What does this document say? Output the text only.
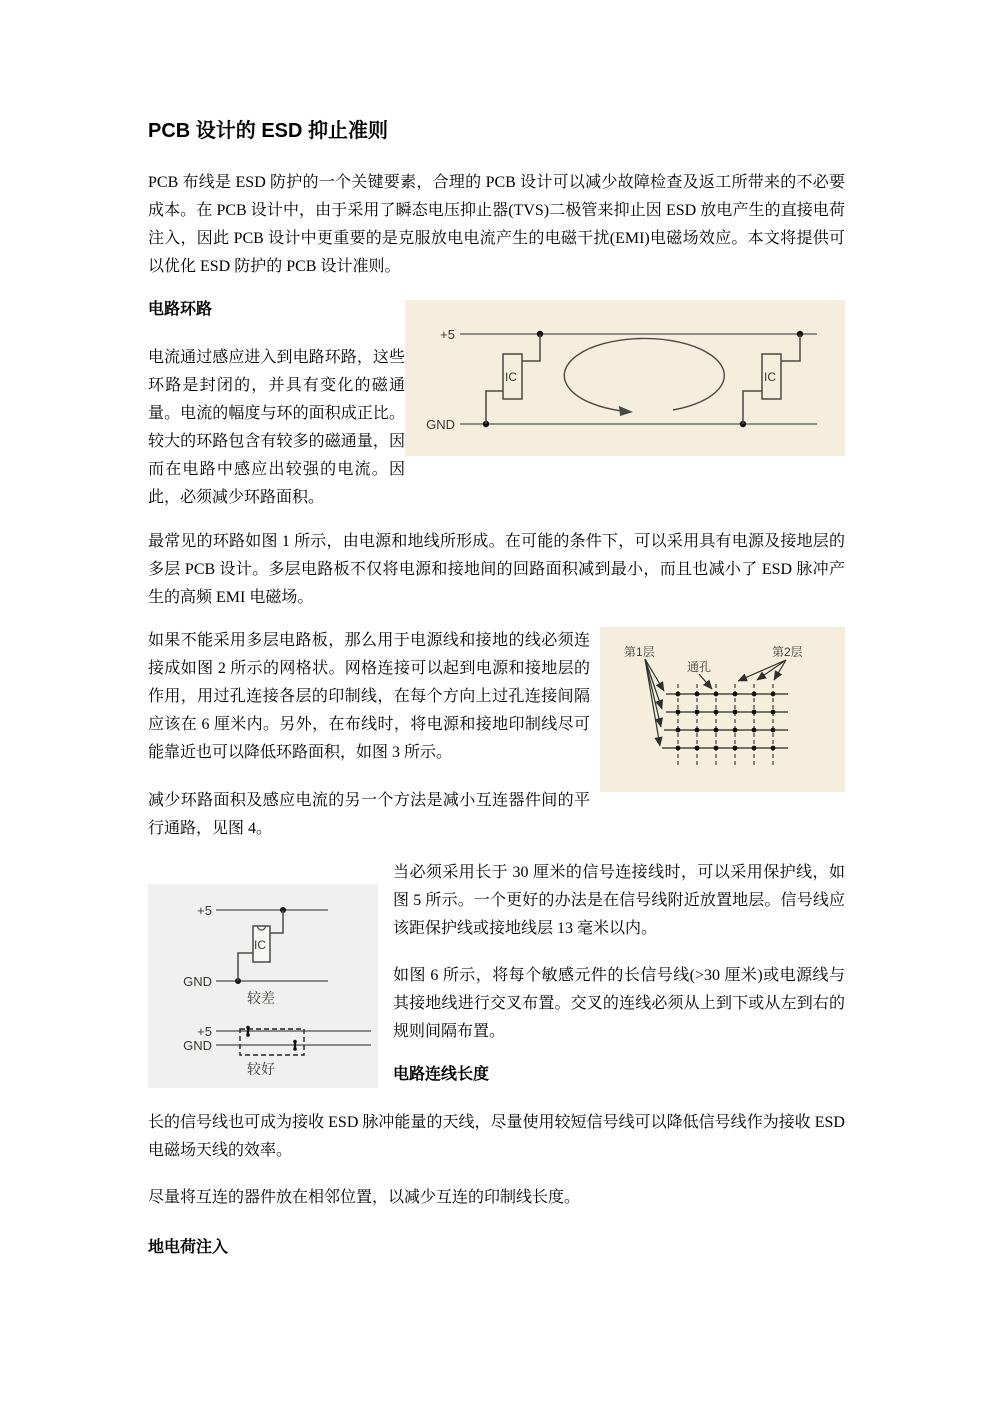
PCB 设计的 ESD 抑止准则

PCB 布线是 ESD 防护的一个关键要素，合理的 PCB 设计可以减少故障检查及返工所带来的不必要成本。在 PCB 设计中，由于采用了瞬态电压抑止器(TVS)二极管来抑止因 ESD 放电产生的直接电荷注入，因此 PCB 设计中更重要的是克服放电电流产生的电磁干扰(EMI)电磁场效应。本文将提供可以优化 ESD 防护的 PCB 设计准则。

电路环路

电流通过感应进入到电路环路，这些环路是封闭的，并具有变化的磁通量。电流的幅度与环的面积成正比。较大的环路包含有较多的磁通量，因而在电路中感应出较强的电流。因此，必须减少环路面积。

+5
GND
IC	IC

最常见的环路如图 1 所示，由电源和地线所形成。在可能的条件下，可以采用具有电源及接地层的多层 PCB 设计。多层电路板不仅将电源和接地间的回路面积减到最小，而且也减小了 ESD 脉冲产生的高频 EMI 电磁场。

第1层
通孔
第2层

如果不能采用多层电路板，那么用于电源线和接地的线必须连接成如图 2 所示的网格状。网格连接可以起到电源和接地层的作用，用过孔连接各层的印制线，在每个方向上过孔连接间隔应该在 6 厘米内。另外，在布线时，将电源和接地印制线尽可能靠近也可以降低环路面积，如图 3 所示。

减少环路面积及感应电流的另一个方法是减小互连器件间的平行通路，见图 4。

+5
GND
IC
较差
+5
GND
较好

当必须采用长于 30 厘米的信号连接线时，可以采用保护线，如图 5 所示。一个更好的办法是在信号线附近放置地层。信号线应该距保护线或接地线层 13 毫米以内。

如图 6 所示，将每个敏感元件的长信号线(>30 厘米)或电源线与其接地线进行交叉布置。交叉的连线必须从上到下或从左到右的规则间隔布置。

电路连线长度

长的信号线也可成为接收 ESD 脉冲能量的天线，尽量使用较短信号线可以降低信号线作为接收 ESD 电磁场天线的效率。

尽量将互连的器件放在相邻位置，以减少互连的印制线长度。

地电荷注入
